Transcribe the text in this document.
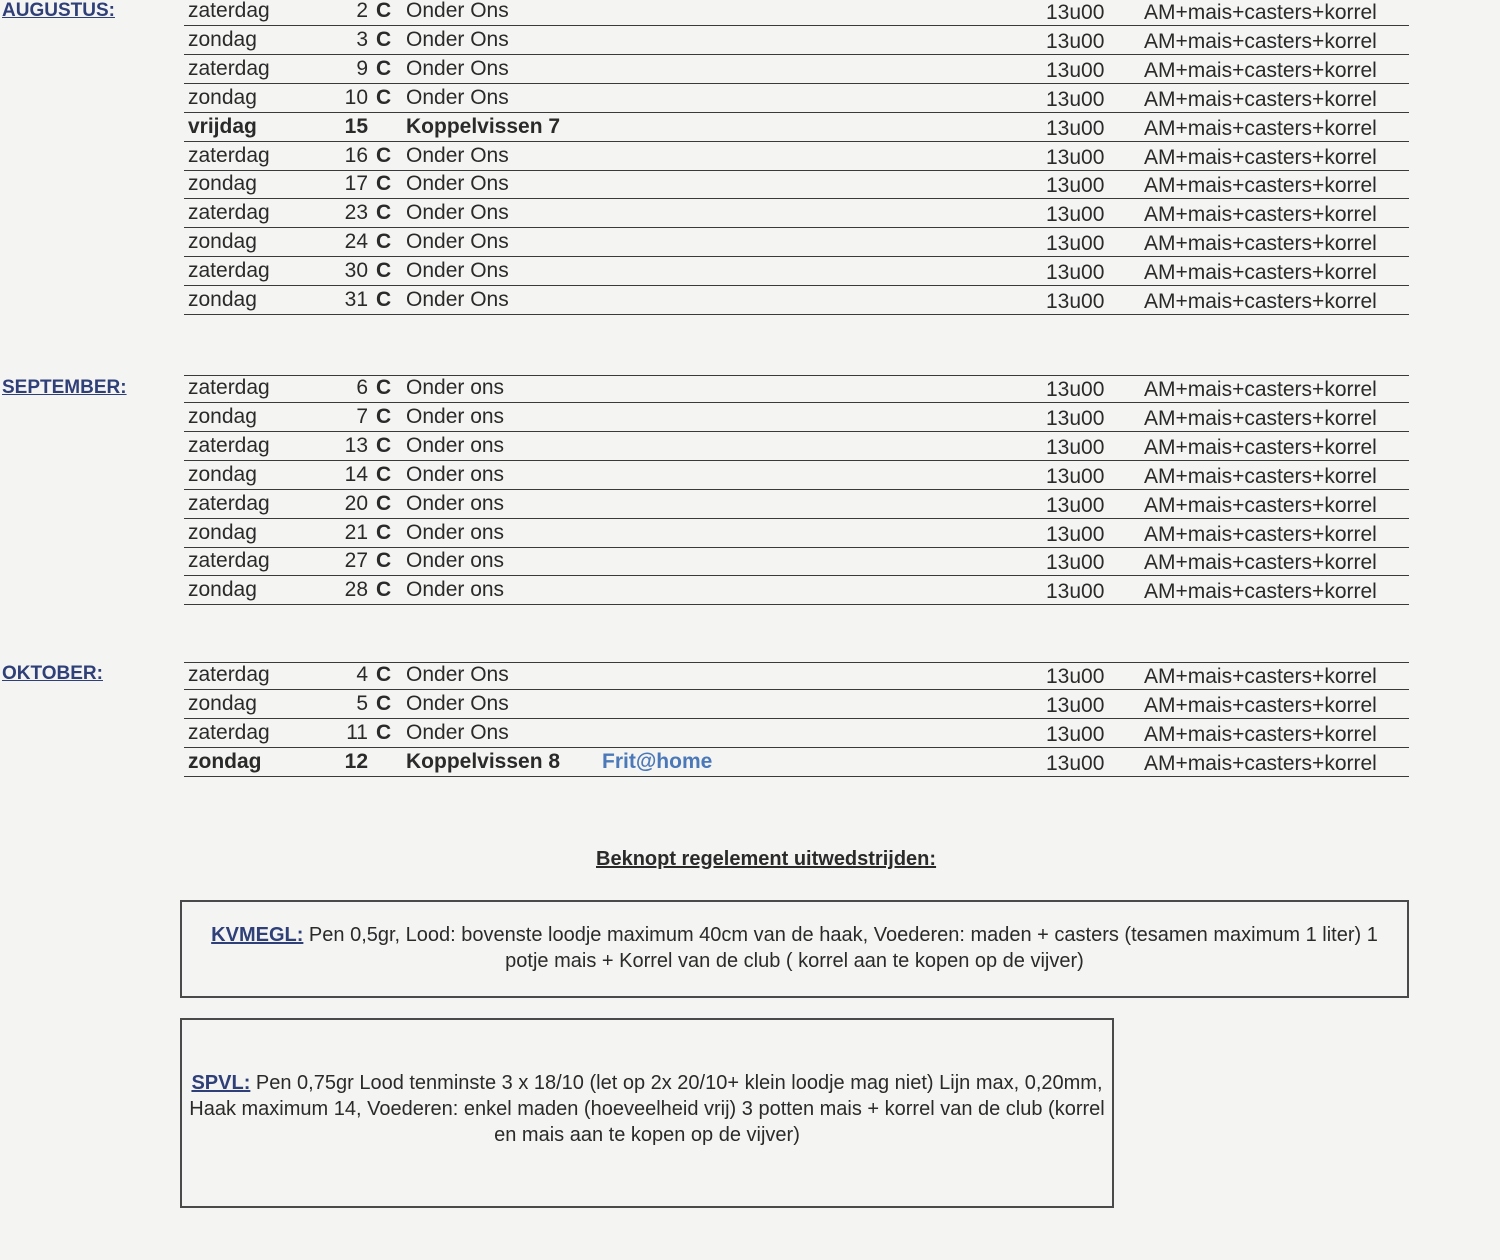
AUGUSTUS:	zaterdag	2 C Onder Ons	13u00 AM+mais+casters+korrel
zondag	3 C Onder Ons	13u00 AM+mais+casters+korrel
zaterdag	9 C Onder Ons	13u00 AM+mais+casters+korrel
zondag	10 C Onder Ons	13u00 AM+mais+casters+korrel
vrijdag	15 Koppelvissen 7	13u00 AM+mais+casters+korrel
zaterdag	16 C Onder Ons	13u00 AM+mais+casters+korrel
zondag	17 C Onder Ons	13u00 AM+mais+casters+korrel
zaterdag	23 C Onder Ons	13u00 AM+mais+casters+korrel
zondag	24 C Onder Ons	13u00 AM+mais+casters+korrel
zaterdag	30 C Onder Ons	13u00 AM+mais+casters+korrel
zondag	31 C Onder Ons	13u00 AM+mais+casters+korrel
SEPTEMBER:	zaterdag	6 C Onder ons	13u00 AM+mais+casters+korrel
zondag	7 C Onder ons	13u00 AM+mais+casters+korrel
zaterdag	13 C Onder ons	13u00 AM+mais+casters+korrel
zondag	14 C Onder ons	13u00 AM+mais+casters+korrel
zaterdag	20 C Onder ons	13u00 AM+mais+casters+korrel
zondag	21 C Onder ons	13u00 AM+mais+casters+korrel
zaterdag	27 C Onder ons	13u00 AM+mais+casters+korrel
zondag	28 C Onder ons	13u00 AM+mais+casters+korrel
OKTOBER:	zaterdag	4 C Onder Ons	13u00 AM+mais+casters+korrel
zondag	5 C Onder Ons	13u00 AM+mais+casters+korrel
zaterdag	11 C Onder Ons	13u00 AM+mais+casters+korrel
zondag	12 Koppelvissen 8 Frit@home	13u00 AM+mais+casters+korrel
Beknopt regelement uitwedstrijden:
KVMEGL: Pen 0,5gr, Lood: bovenste loodje maximum 40cm van de haak, Voederen: maden + casters (tesamen maximum 1 liter) 1 potje mais + Korrel van de club ( korrel aan te kopen op de vijver)
SPVL: Pen 0,75gr Lood tenminste 3 x 18/10 (let op 2x 20/10+ klein loodje mag niet) Lijn max, 0,20mm, Haak maximum 14, Voederen: enkel maden (hoeveelheid vrij) 3 potten mais + korrel van de club (korrel en mais aan te kopen op de vijver)
